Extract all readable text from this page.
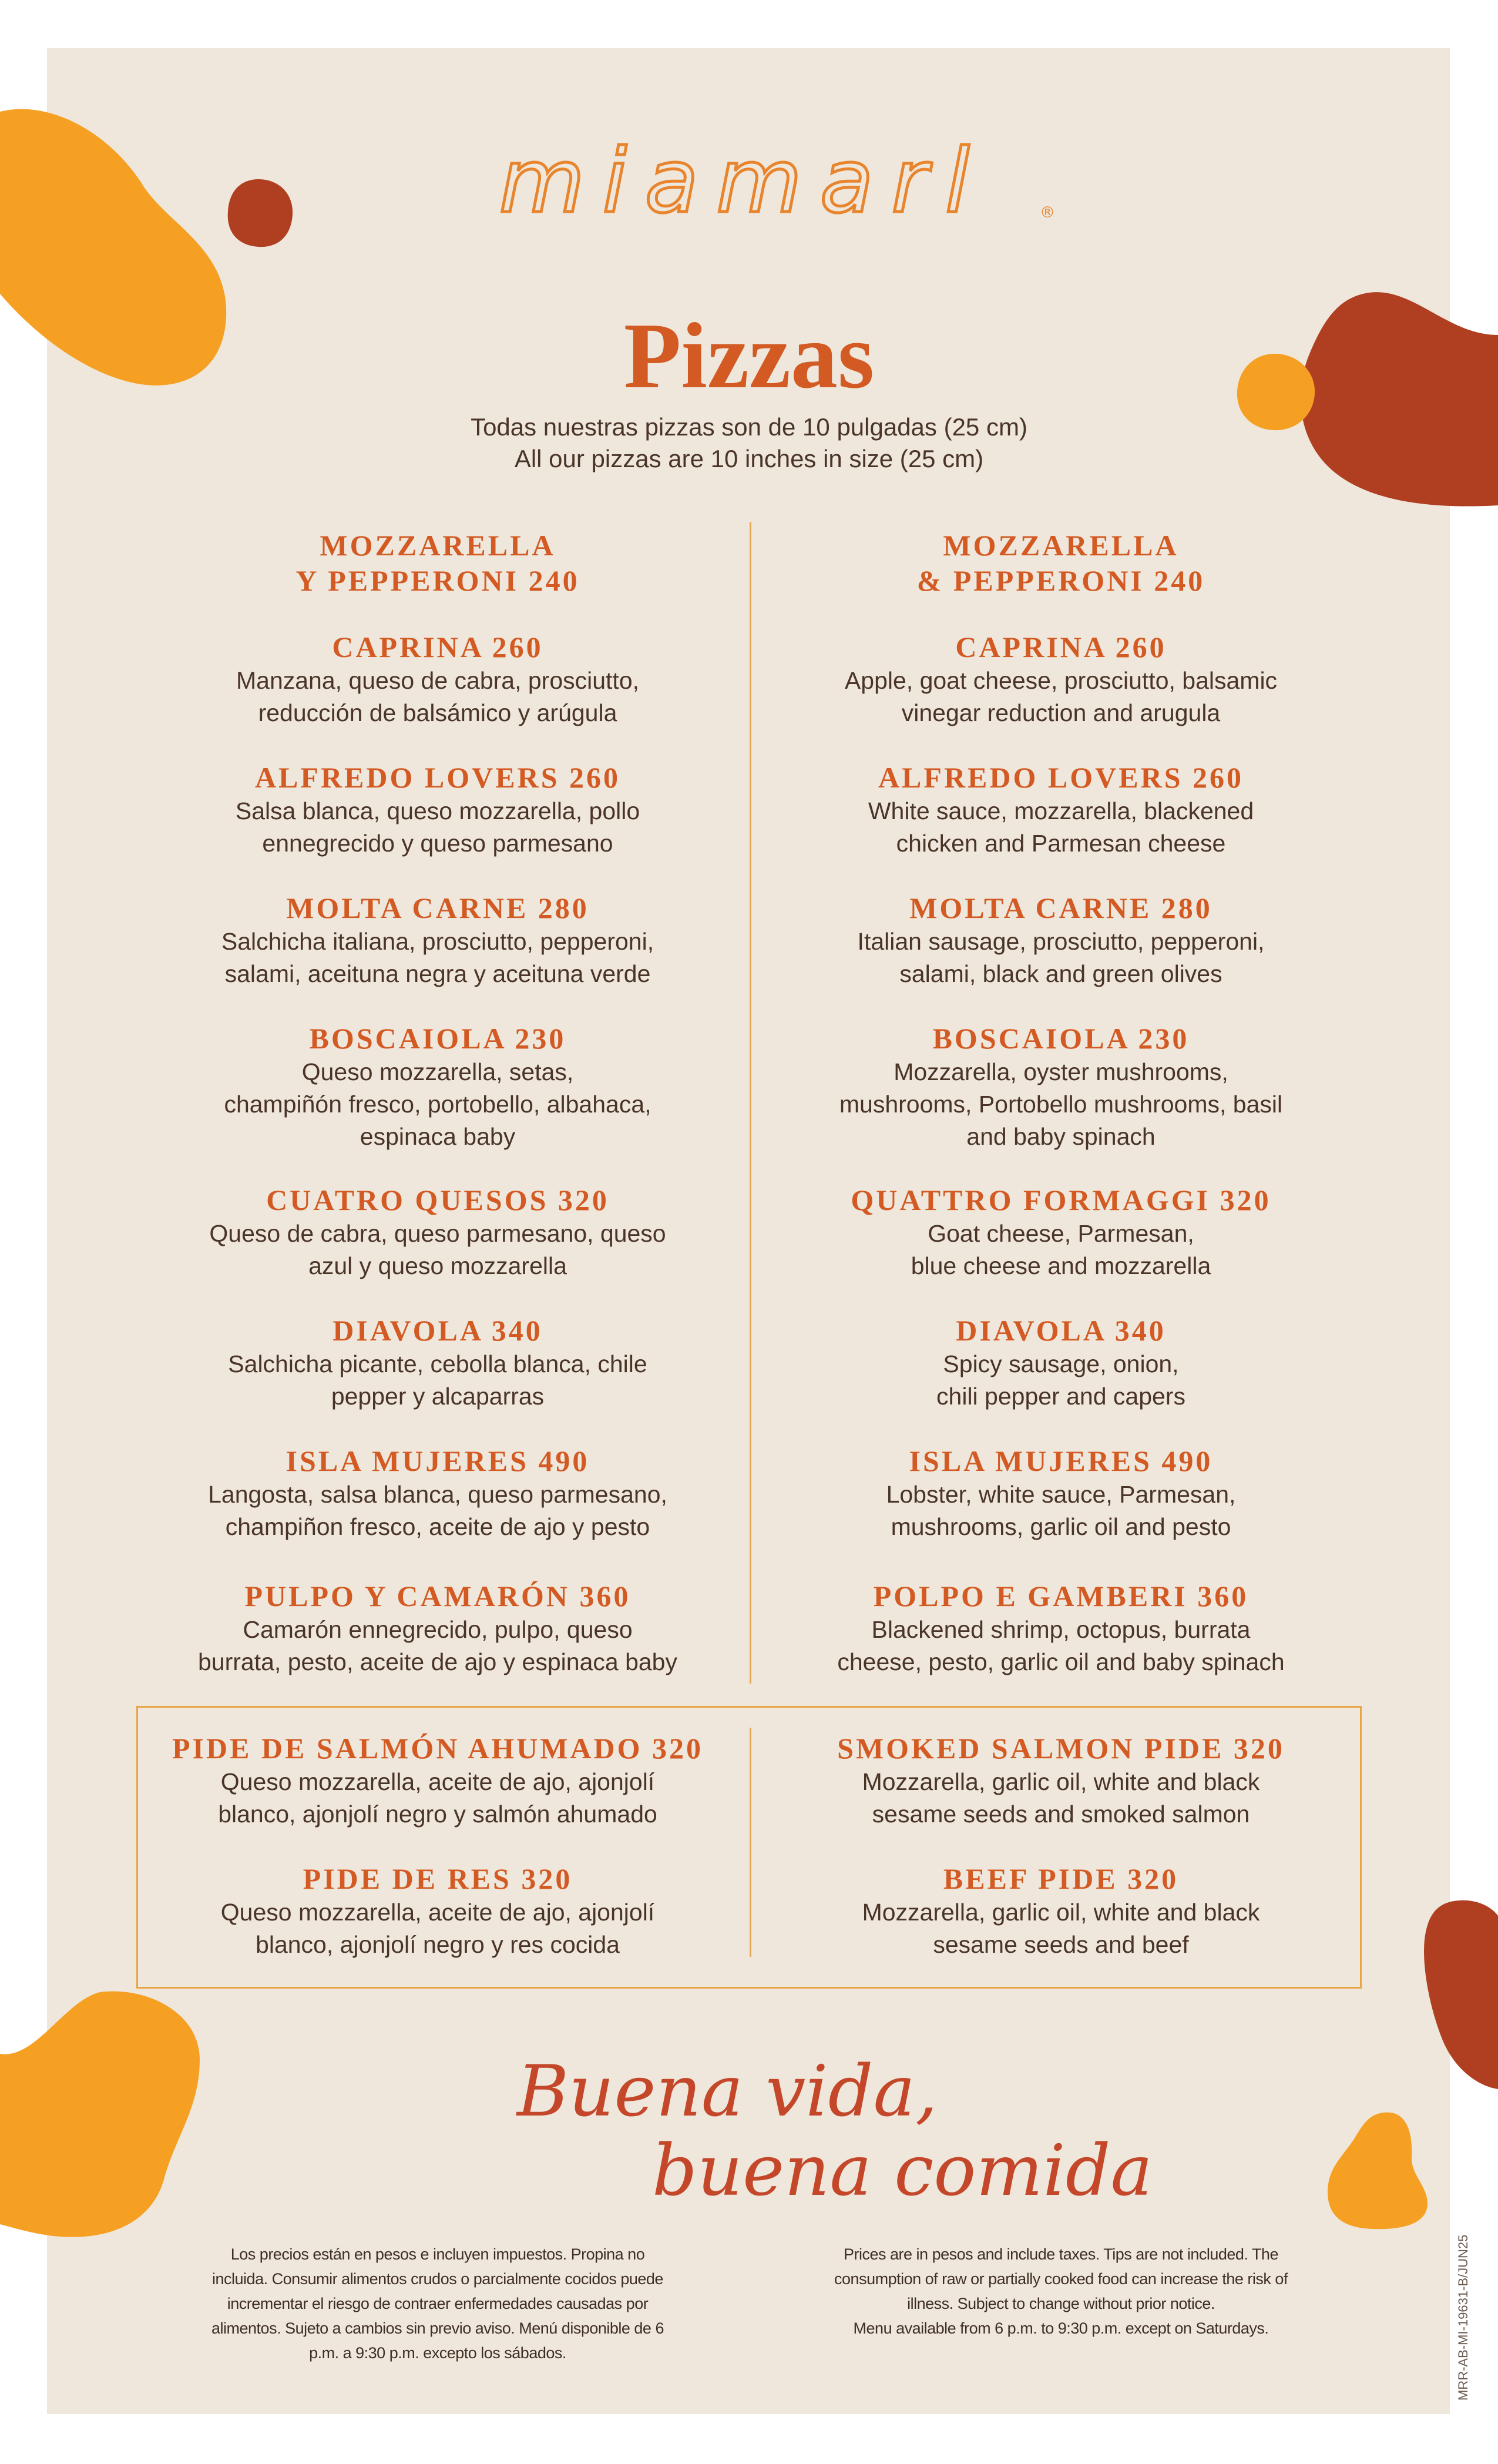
miamarl	®
Pizzas
Todas nuestras pizzas son de 10 pulgadas (25 cm)
All our pizzas are 10 inches in size (25 cm)
MOZZARELLA
Y PEPPERONI 240
CAPRINA 260
Manzana, queso de cabra, prosciutto,
reducción de balsámico y arúgula
ALFREDO LOVERS 260
Salsa blanca, queso mozzarella, pollo
ennegrecido y queso parmesano
MOLTA CARNE 280
Salchicha italiana, prosciutto, pepperoni,
salami, aceituna negra y aceituna verde
BOSCAIOLA 230
Queso mozzarella, setas,
champiñón fresco, portobello, albahaca,
espinaca baby
CUATRO QUESOS 320
Queso de cabra, queso parmesano, queso
azul y queso mozzarella
DIAVOLA 340
Salchicha picante, cebolla blanca, chile
pepper y alcaparras
ISLA MUJERES 490
Langosta, salsa blanca, queso parmesano,
champiñon fresco, aceite de ajo y pesto
PULPO Y CAMARÓN 360
Camarón ennegrecido, pulpo, queso
burrata, pesto, aceite de ajo y espinaca baby
MOZZARELLA
& PEPPERONI 240
CAPRINA 260
Apple, goat cheese, prosciutto, balsamic
vinegar reduction and arugula
ALFREDO LOVERS 260
White sauce, mozzarella, blackened
chicken and Parmesan cheese
MOLTA CARNE 280
Italian sausage, prosciutto, pepperoni,
salami, black and green olives
BOSCAIOLA 230
Mozzarella, oyster mushrooms,
mushrooms, Portobello mushrooms, basil
and baby spinach
QUATTRO FORMAGGI 320
Goat cheese, Parmesan,
blue cheese and mozzarella
DIAVOLA 340
Spicy sausage, onion,
chili pepper and capers
ISLA MUJERES 490
Lobster, white sauce, Parmesan,
mushrooms, garlic oil and pesto
POLPO E GAMBERI 360
Blackened shrimp, octopus, burrata
cheese, pesto, garlic oil and baby spinach
PIDE DE SALMÓN AHUMADO 320
Queso mozzarella, aceite de ajo, ajonjolí
blanco, ajonjolí negro y salmón ahumado
PIDE DE RES 320
Queso mozzarella, aceite de ajo, ajonjolí
blanco, ajonjolí negro y res cocida
SMOKED SALMON PIDE 320
Mozzarella, garlic oil, white and black
sesame seeds and smoked salmon
BEEF PIDE 320
Mozzarella, garlic oil, white and black
sesame seeds and beef
Buena vida,
buena comida
Los precios están en pesos e incluyen impuestos. Propina no
incluida. Consumir alimentos crudos o parcialmente cocidos puede
incrementar el riesgo de contraer enfermedades causadas por
alimentos. Sujeto a cambios sin previo aviso. Menú disponible de 6
p.m. a 9:30 p.m. excepto los sábados.
Prices are in pesos and include taxes. Tips are not included. The
consumption of raw or partially cooked food can increase the risk of
illness. Subject to change without prior notice.
Menu available from 6 p.m. to 9:30 p.m. except on Saturdays.	MRR-AB-MI-19631-B/JUN25
